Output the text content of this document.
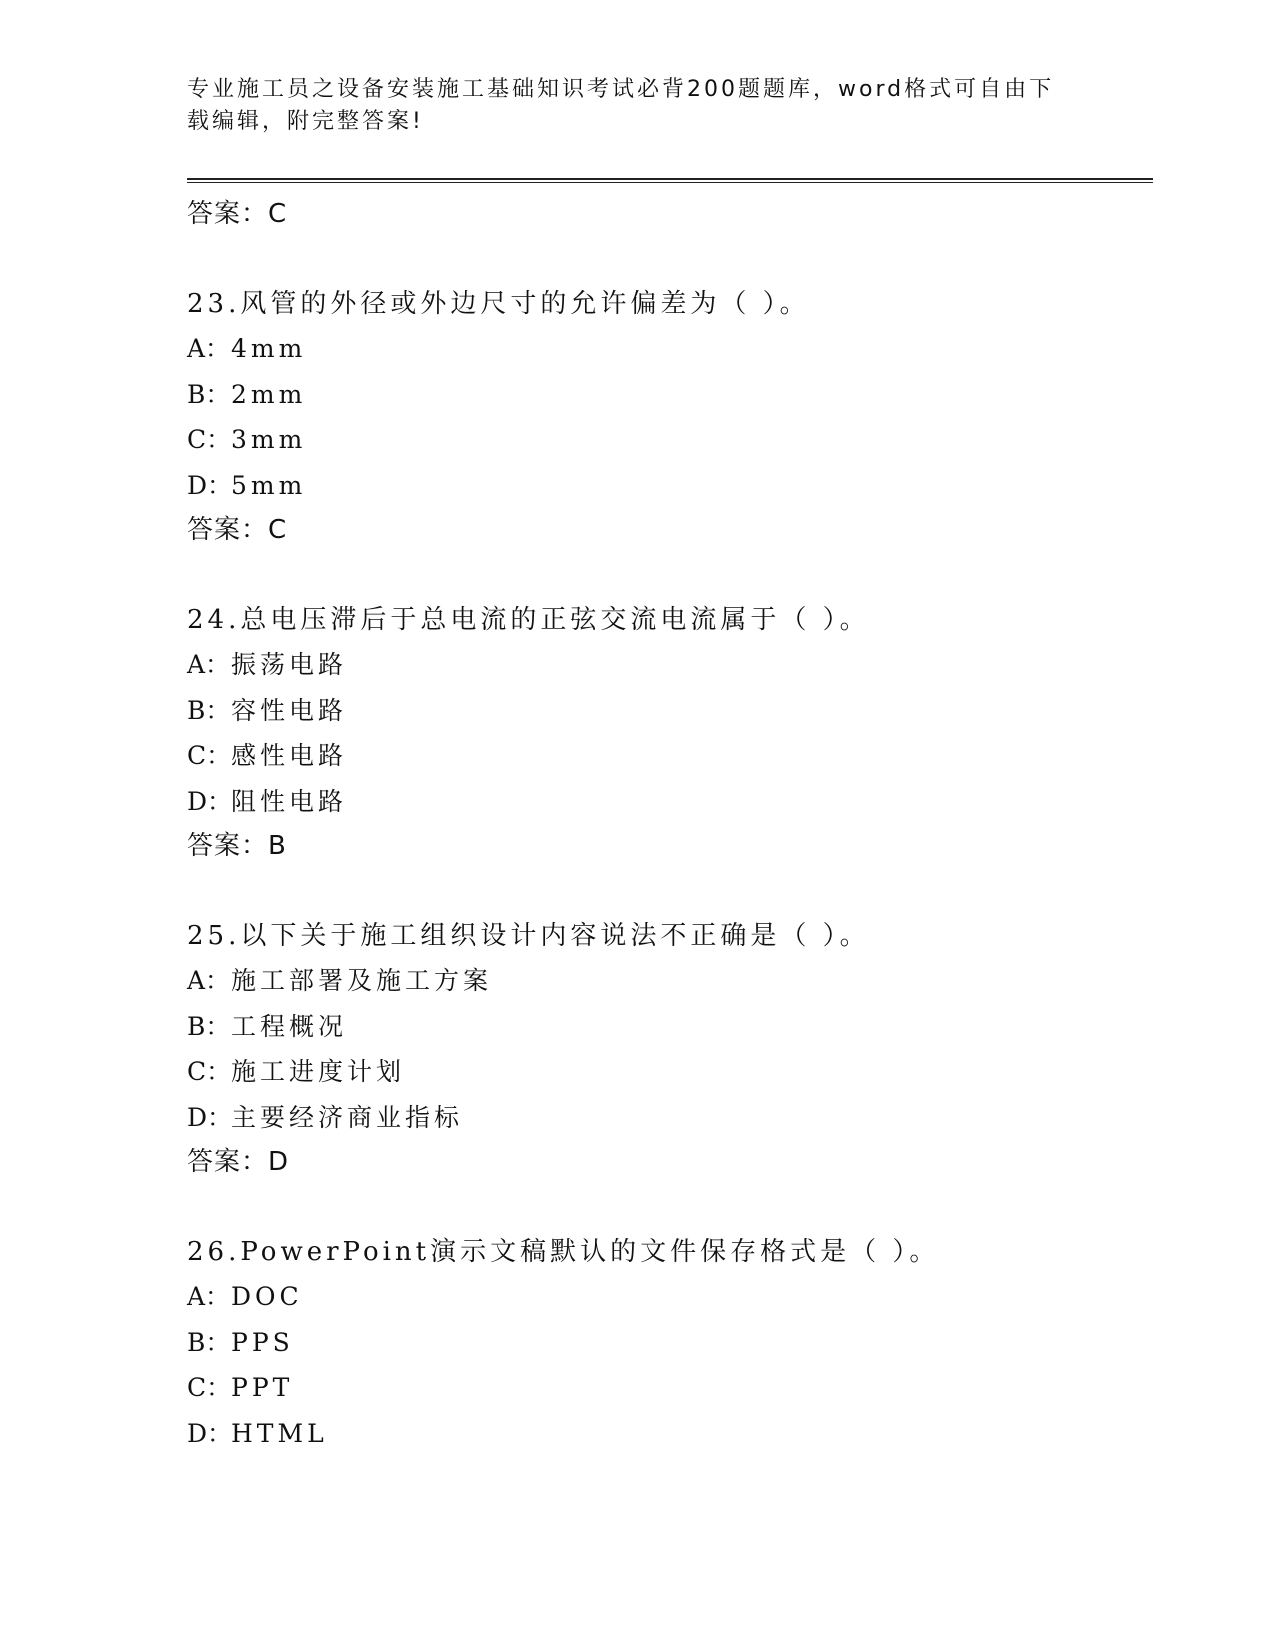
专业施工员之设备安装施工基础知识考试必背200题题库，word格式可自由下载编辑，附完整答案!
答案：C
23.风管的外径或外边尺寸的允许偏差为（ ）。
A：4mm
B：2mm
C：3mm
D：5mm
答案：C
24.总电压滞后于总电流的正弦交流电流属于（ ）。
A：振荡电路
B：容性电路
C：感性电路
D：阻性电路
答案：B
25.以下关于施工组织设计内容说法不正确是（ ）。
A：施工部署及施工方案
B：工程概况
C：施工进度计划
D：主要经济商业指标
答案：D
26.PowerPoint演示文稿默认的文件保存格式是（ ）。
A：DOC
B：PPS
C：PPT
D：HTML
